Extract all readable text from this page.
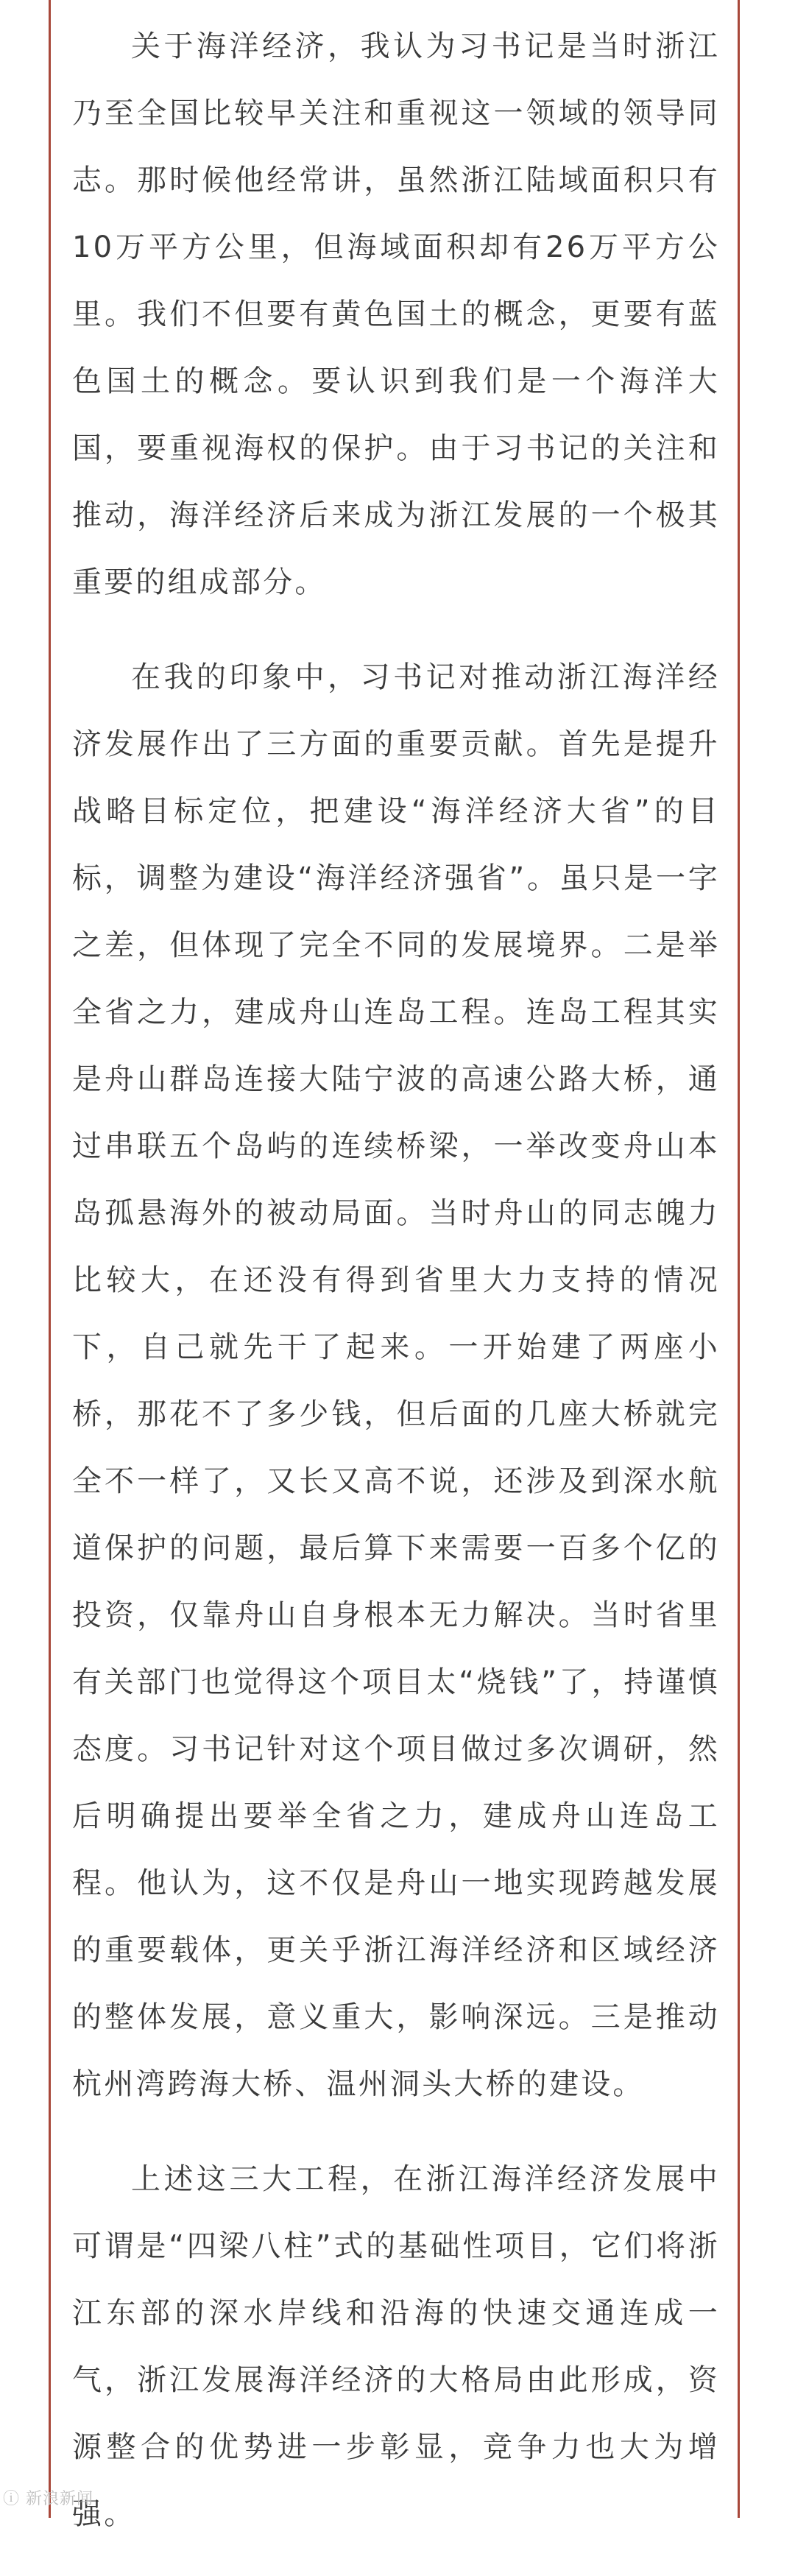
关于海洋经济，我认为习书记是当时浙江乃至全国比较早关注和重视这一领域的领导同志。那时候他经常讲，虽然浙江陆域面积只有10万平方公里，但海域面积却有26万平方公里。我们不但要有黄色国土的概念，更要有蓝色国土的概念。要认识到我们是一个海洋大国，要重视海权的保护。由于习书记的关注和推动，海洋经济后来成为浙江发展的一个极其重要的组成部分。

在我的印象中，习书记对推动浙江海洋经济发展作出了三方面的重要贡献。首先是提升战略目标定位，把建设“海洋经济大省”的目标，调整为建设“海洋经济强省”。虽只是一字之差，但体现了完全不同的发展境界。二是举全省之力，建成舟山连岛工程。连岛工程其实是舟山群岛连接大陆宁波的高速公路大桥，通过串联五个岛屿的连续桥梁，一举改变舟山本岛孤悬海外的被动局面。当时舟山的同志魄力比较大，在还没有得到省里大力支持的情况下，自己就先干了起来。一开始建了两座小桥，那花不了多少钱，但后面的几座大桥就完全不一样了，又长又高不说，还涉及到深水航道保护的问题，最后算下来需要一百多个亿的投资，仅靠舟山自身根本无力解决。当时省里有关部门也觉得这个项目太“烧钱”了，持谨慎态度。习书记针对这个项目做过多次调研，然后明确提出要举全省之力，建成舟山连岛工程。他认为，这不仅是舟山一地实现跨越发展的重要载体，更关乎浙江海洋经济和区域经济的整体发展，意义重大，影响深远。三是推动杭州湾跨海大桥、温州洞头大桥的建设。

上述这三大工程，在浙江海洋经济发展中可谓是“四梁八柱”式的基础性项目，它们将浙江东部的深水岸线和沿海的快速交通连成一气，浙江发展海洋经济的大格局由此形成，资源整合的优势进一步彰显，竞争力也大为增强。

ⓘ 新浪新闻
